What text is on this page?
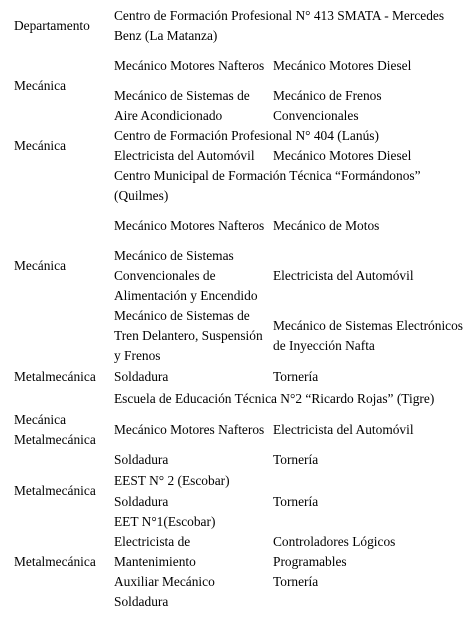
Departamento	Centro de Formación Profesional N° 413 SMATA - Mercedes Benz (La Matanza)	
Mecánica	Mecánico Motores Nafteros	Mecánico Motores Diesel
	Mecánico de Sistemas de Aire Acondicionado	Mecánico de Frenos Convencionales
Mecánica	Centro de Formación Profesional N° 404 (Lanús)	
	Electricista del Automóvil	Mecánico Motores Diesel
Mecánica	Centro Municipal de Formación Técnica “Formándonos” (Quilmes)	
	Mecánico Motores Nafteros	Mecánico de Motos
	Mecánico de Sistemas Convencionales de Alimentación y Encendido	Electricista del Automóvil
	Mecánico de Sistemas de Tren Delantero, Suspensión y Frenos	Mecánico de Sistemas Electrónicos de Inyección Nafta
Metalmecánica	Soldadura	Tornería
	Escuela de Educación Técnica N°2 “Ricardo Rojas” (Tigre)	
Mecánica Metalmecánica	Mecánico Motores Nafteros	Electricista del Automóvil
	Soldadura	Tornería
Metalmecánica	EEST N° 2 (Escobar)	
	Soldadura	Tornería
Metalmecánica	EET N°1(Escobar)	
	Electricista de Mantenimiento	Controladores Lógicos Programables
	Auxiliar Mecánico	Tornería
	Soldadura	
